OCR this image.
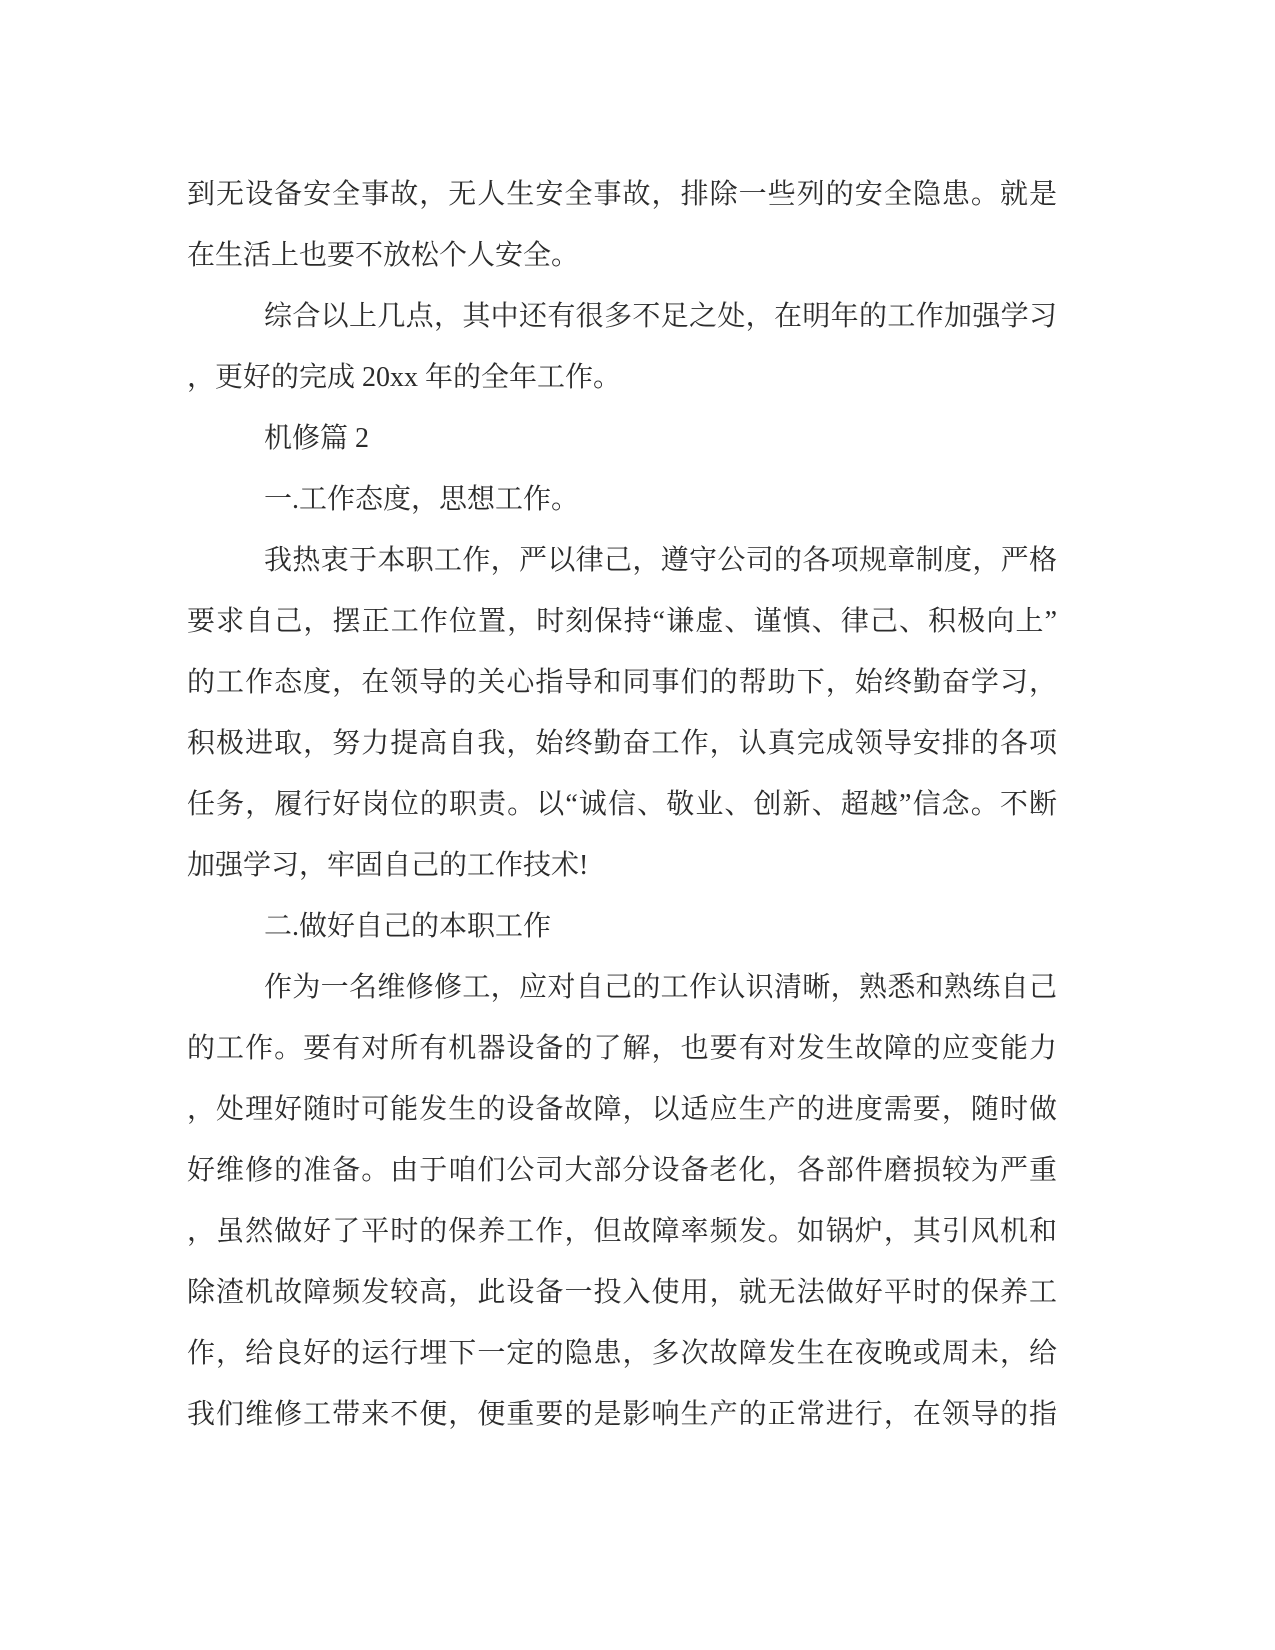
到无设备安全事故，无人生安全事故，排除一些列的安全隐患。就是
在生活上也要不放松个人安全。
综合以上几点，其中还有很多不足之处，在明年的工作加强学习
，更好的完成 20xx 年的全年工作。
机修篇 2
一.工作态度，思想工作。
我热衷于本职工作，严以律己，遵守公司的各项规章制度，严格
要求自己，摆正工作位置，时刻保持“谦虚、谨慎、律己、积极向上”
的工作态度，在领导的关心指导和同事们的帮助下，始终勤奋学习，
积极进取，努力提高自我，始终勤奋工作，认真完成领导安排的各项
任务，履行好岗位的职责。以“诚信、敬业、创新、超越”信念。不断
加强学习，牢固自己的工作技术!
二.做好自己的本职工作
作为一名维修修工，应对自己的工作认识清晰，熟悉和熟练自己
的工作。要有对所有机器设备的了解，也要有对发生故障的应变能力
，处理好随时可能发生的设备故障，以适应生产的进度需要，随时做
好维修的准备。由于咱们公司大部分设备老化，各部件磨损较为严重
，虽然做好了平时的保养工作，但故障率频发。如锅炉，其引风机和
除渣机故障频发较高，此设备一投入使用，就无法做好平时的保养工
作，给良好的运行埋下一定的隐患，多次故障发生在夜晚或周未，给
我们维修工带来不便，便重要的是影响生产的正常进行，在领导的指
